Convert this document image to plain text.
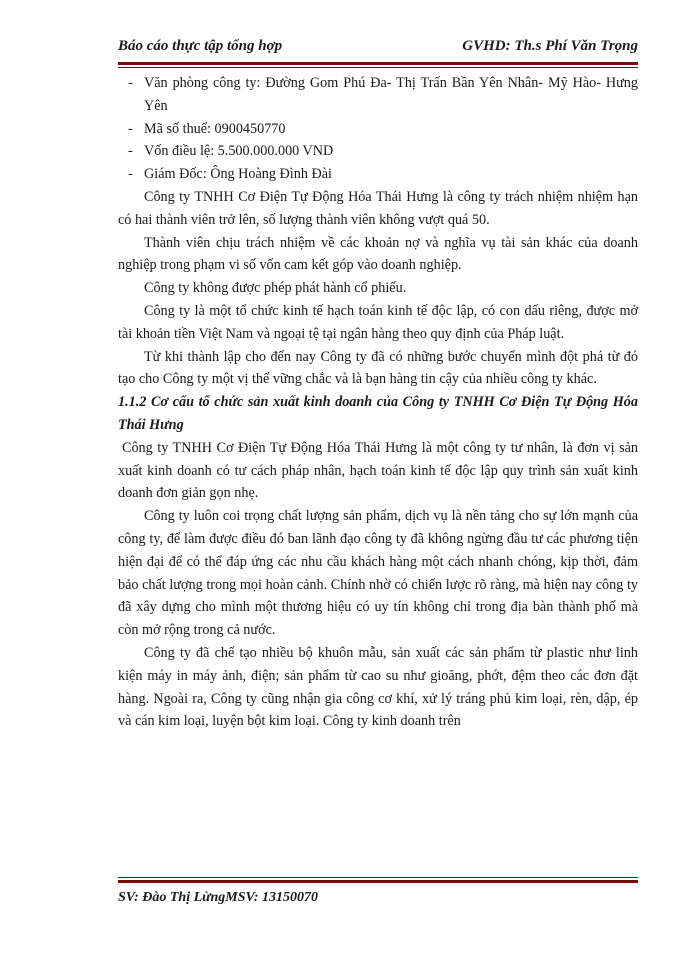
Báo cáo thực tập tổng hợp	GVHD: Th.s Phí Văn Trọng

- Văn phòng công ty: Đường Gom Phú Đa- Thị Trấn Bần Yên Nhân- Mỹ Hào- Hưng Yên

- Mã số thuế: 0900450770

- Vốn điều lệ: 5.500.000.000 VND

- Giám Đốc: Ông Hoàng Đình Đài

Công ty TNHH Cơ Điện Tự Động Hóa Thái Hưng là công ty trách nhiệm nhiệm hạn có hai thành viên trở lên, số lượng thành viên không vượt quá 50.

Thành viên chịu trách nhiệm về các khoản nợ và nghĩa vụ tài sản khác của doanh nghiệp trong phạm vi số vốn cam kết góp vào doanh nghiệp.

Công ty không được phép phát hành cổ phiếu.

Công ty là một tổ chức kinh tế hạch toán kinh tế độc lập, có con dấu riêng, được mở tài khoản tiền Việt Nam và ngoại tệ tại ngân hàng theo quy định của Pháp luật.

Từ khi thành lập cho đến nay Công ty đã có những bước chuyển mình đột phá từ đó tạo cho Công ty một vị thế vững chắc và là bạn hàng tin cậy của nhiều công ty khác.

1.1.2 Cơ cấu tổ chức sản xuất kinh doanh của Công ty TNHH Cơ Điện Tự Động Hóa Thái Hưng

Công ty TNHH Cơ Điện Tự Động Hóa Thái Hưng là một công ty tư nhân, là đơn vị sản xuất kinh doanh có tư cách pháp nhân, hạch toán kinh tế độc lập quy trình sản xuất kinh doanh đơn giản gọn nhẹ.

Công ty luôn coi trọng chất lượng sản phẩm, dịch vụ là nền tảng cho sự lớn mạnh của công ty, để làm được điều đó ban lãnh đạo công ty đã không ngừng đầu tư các phương tiện hiện đại để có thể đáp ứng các nhu cầu khách hàng một cách nhanh chóng, kịp thời, đảm bảo chất lượng trong mọi hoàn cảnh. Chính nhờ có chiến lược rõ ràng, mà hiện nay công ty đã xây dựng cho mình một thương hiệu có uy tín không chỉ trong địa bàn thành phố mà còn mở rộng trong cả nước.

Công ty đã chế tạo nhiều bộ khuôn mẫu, sản xuất các sản phẩm từ plastic như linh kiện máy in máy ảnh, điện; sản phẩm từ cao su như gioăng, phớt, đệm theo các đơn đặt hàng. Ngoài ra, Công ty cũng nhận gia công cơ khí, xử lý tráng phủ kim loại, rèn, dập, ép và cán kim loại, luyện bột kim loại. Công ty kinh doanh trên

SV: Đào Thị LừngMSV: 13150070
